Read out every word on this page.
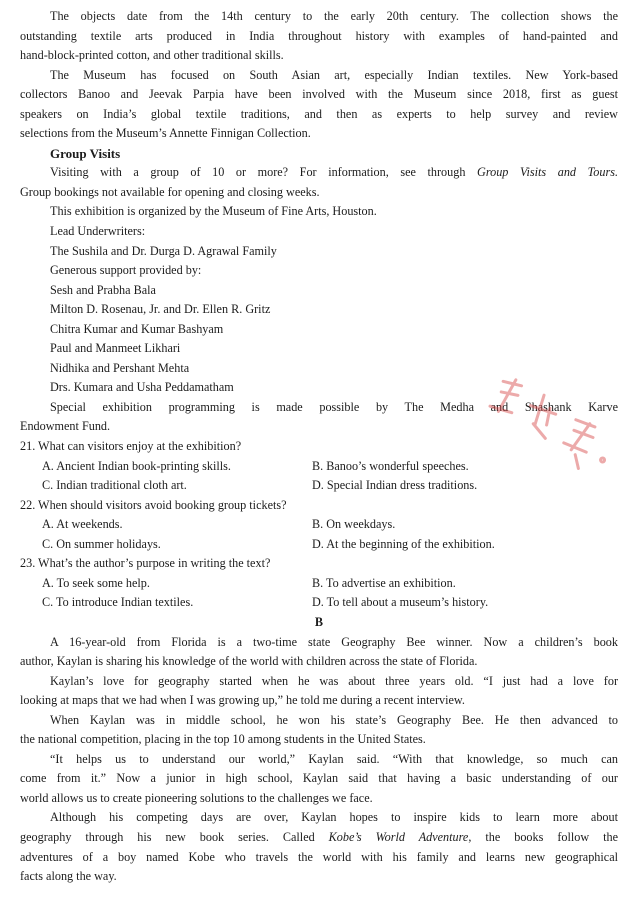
The objects date from the 14th century to the early 20th century. The collection shows the
outstanding textile arts produced in India throughout history with examples of hand-painted and
hand-block-printed cotton, and other traditional skills.
The Museum has focused on South Asian art, especially Indian textiles. New York-based
collectors Banoo and Jeevak Parpia have been involved with the Museum since 2018, first as guest
speakers on India’s global textile traditions, and then as experts to help survey and review
selections from the Museum’s Annette Finnigan Collection.
Group Visits
Visiting with a group of 10 or more? For information, see through Group Visits and Tours.
Group bookings not available for opening and closing weeks.
This exhibition is organized by the Museum of Fine Arts, Houston.
Lead Underwriters:
The Sushila and Dr. Durga D. Agrawal Family
Generous support provided by:
Sesh and Prabha Bala
Milton D. Rosenau, Jr. and Dr. Ellen R. Gritz
Chitra Kumar and Kumar Bashyam
Paul and Manmeet Likhari
Nidhika and Pershant Mehta
Drs. Kumara and Usha Peddamatham
Special exhibition programming is made possible by The Medha and Shashank Karve
Endowment Fund.
21. What can visitors enjoy at the exhibition?
A. Ancient Indian book-printing skills.	B. Banoo’s wonderful speeches.
C. Indian traditional cloth art.	D. Special Indian dress traditions.
22. When should visitors avoid booking group tickets?
A. At weekends.	B. On weekdays.
C. On summer holidays.	D. At the beginning of the exhibition.
23. What’s the author’s purpose in writing the text?
A. To seek some help.	B. To advertise an exhibition.
C. To introduce Indian textiles.	D. To tell about a museum’s history.
B
A 16-year-old from Florida is a two-time state Geography Bee winner. Now a children’s book
author, Kaylan is sharing his knowledge of the world with children across the state of Florida.
Kaylan’s love for geography started when he was about three years old. “I just had a love for
looking at maps that we had when I was growing up,” he told me during a recent interview.
When Kaylan was in middle school, he won his state’s Geography Bee. He then advanced to
the national competition, placing in the top 10 among students in the United States.
“It helps us to understand our world,” Kaylan said. “With that knowledge, so much can
come from it.” Now a junior in high school, Kaylan said that having a basic understanding of our
world allows us to create pioneering solutions to the challenges we face.
Although his competing days are over, Kaylan hopes to inspire kids to learn more about
geography through his new book series. Called Kobe’s World Adventure, the books follow the
adventures of a boy named Kobe who travels the world with his family and learns new geographical
facts along the way.
